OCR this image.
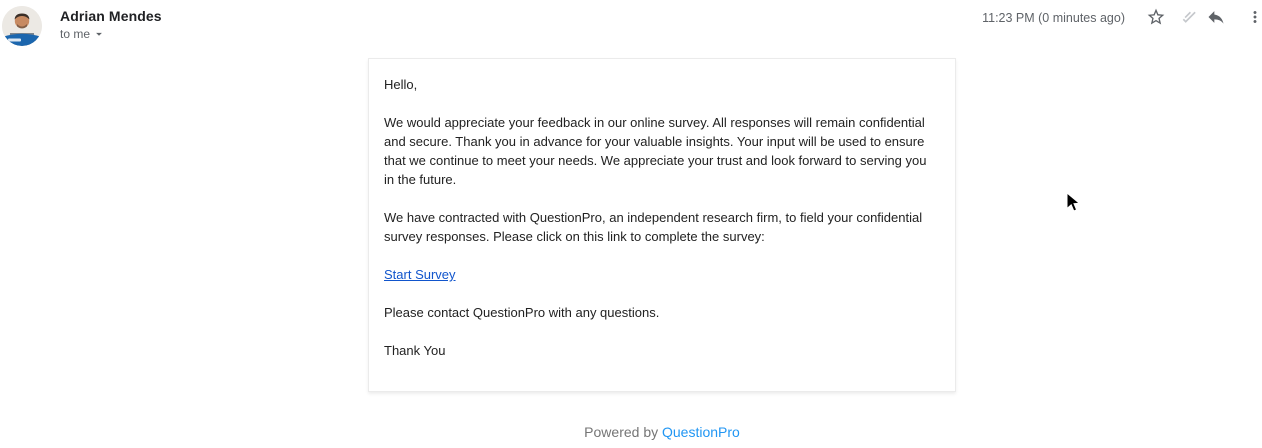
Adrian Mendes
to me
11:23 PM (0 minutes ago)

Hello,

We would appreciate your feedback in our online survey. All responses will remain confidential and secure. Thank you in advance for your valuable insights. Your input will be used to ensure that we continue to meet your needs. We appreciate your trust and look forward to serving you in the future.

We have contracted with QuestionPro, an independent research firm, to field your confidential survey responses. Please click on this link to complete the survey:

Start Survey

Please contact QuestionPro with any questions.

Thank You

Powered by QuestionPro
